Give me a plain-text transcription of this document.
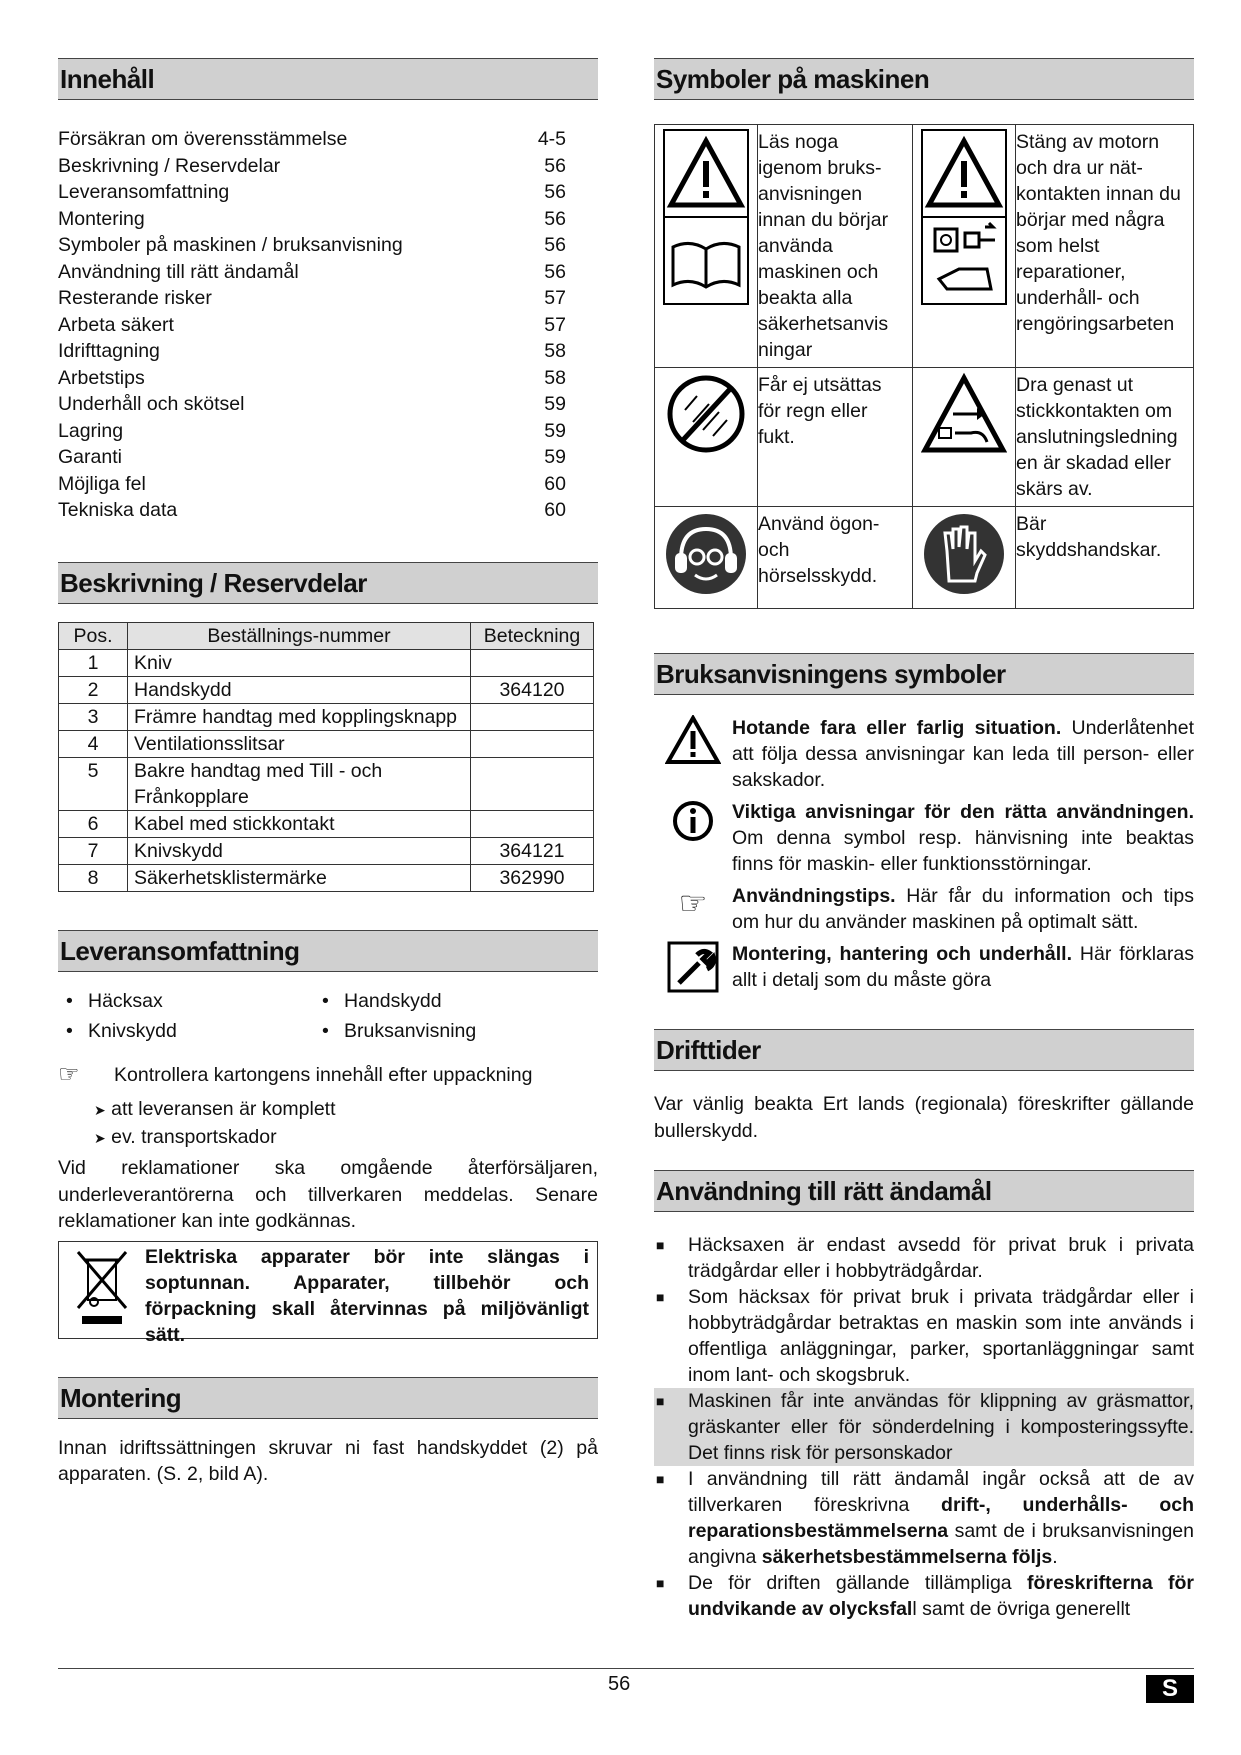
Innehåll
Försäkran om överensstämmelse	4-5
Beskrivning / Reservdelar	56
Leveransomfattning	56
Montering	56
Symboler på maskinen / bruksanvisning	56
Användning till rätt ändamål	56
Resterande risker	57
Arbeta säkert	57
Idrifttagning	58
Arbetstips	58
Underhåll och skötsel	59
Lagring	59
Garanti	59
Möjliga fel	60
Tekniska data	60
Beskrivning / Reservdelar
Pos.	Beställnings-nummer	Beteckning
1	Kniv	
2	Handskydd	364120
3	Främre handtag med kopplingsknapp	
4	Ventilationsslitsar	
5	Bakre handtag med Till - och Frånkopplare	
6	Kabel med stickkontakt	
7	Knivskydd	364121
8	Säkerhetsklistermärke	362990
Leveransomfattning
• Häcksax
• Knivskydd
• Handskydd
• Bruksanvisning
☞	Kontrollera kartongens innehåll efter uppackning
➤ att leveransen är komplett
➤ ev. transportskador
Vid reklamationer ska omgående återförsäljaren, underleverantörerna och tillverkaren meddelas. Senare reklamationer kan inte godkännas.
Elektriska apparater bör inte slängas i soptunnan. Apparater, tillbehör och förpackning skall återvinnas på miljövänligt sätt.
Montering
Innan idriftssättningen skruvar ni fast handskyddet (2) på apparaten. (S. 2, bild A).
Symboler på maskinen
	Läs noga igenom bruks-anvisningen innan du börjar använda maskinen och beakta alla säkerhetsanvis ningar		Stäng av motorn och dra ur nät-kontakten innan du börjar med några som helst reparationer, underhåll- och rengöringsarbeten
	Får ej utsättas för regn eller fukt.		Dra genast ut stickkontakten om anslutningsledning en är skadad eller skärs av.
	Använd ögon- och hörselsskydd.		Bär skyddshandskar.
Bruksanvisningens symboler
Hotande fara eller farlig situation. Underlåtenhet att följa dessa anvisningar kan leda till person- eller sakskador.
Viktiga anvisningar för den rätta användningen. Om denna symbol resp. hänvisning inte beaktas finns för maskin- eller funktionsstörningar.
☞	Användningstips. Här får du information och tips om hur du använder maskinen på optimalt sätt.
Montering, hantering och underhåll. Här förklaras allt i detalj som du måste göra
Drifttider
Var vänlig beakta Ert lands (regionala) föreskrifter gällande bullerskydd.
Användning till rätt ändamål
■	Häcksaxen är endast avsedd för privat bruk i privata trädgårdar eller i hobbyträdgårdar.
■	Som häcksax för privat bruk i privata trädgårdar eller i hobbyträdgårdar betraktas en maskin som inte används i offentliga anläggningar, parker, sportanläggningar samt inom lant- och skogsbruk.
■	Maskinen får inte användas för klippning av gräsmattor, gräskanter eller för sönderdelning i komposteringssyfte. Det finns risk för personskador
■	I användning till rätt ändamål ingår också att de av tillverkaren föreskrivna drift-, underhålls- och reparationsbestämmelserna samt de i bruksanvisningen angivna säkerhetsbestämmelserna följs.
■	De för driften gällande tillämpliga föreskrifterna för undvikande av olycksfall samt de övriga generellt
56	S
